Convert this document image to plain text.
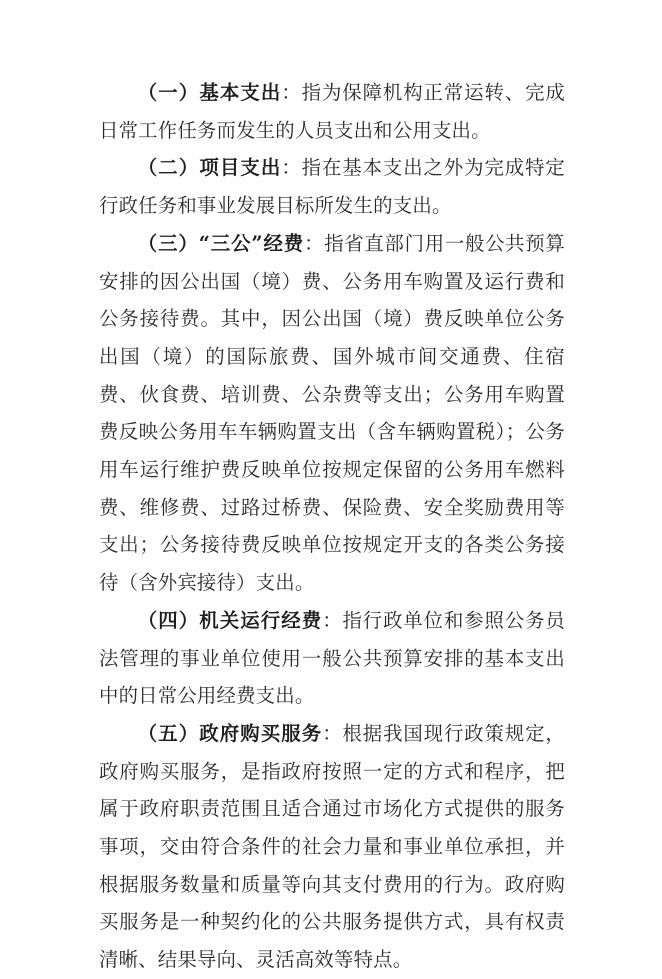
（一）基本支出：指为保障机构正常运转、完成日常工作任务而发生的人员支出和公用支出。

（二）项目支出：指在基本支出之外为完成特定行政任务和事业发展目标所发生的支出。

（三）“三公”经费：指省直部门用一般公共预算安排的因公出国（境）费、公务用车购置及运行费和公务接待费。其中，因公出国（境）费反映单位公务出国（境）的国际旅费、国外城市间交通费、住宿费、伙食费、培训费、公杂费等支出；公务用车购置费反映公务用车车辆购置支出（含车辆购置税）；公务用车运行维护费反映单位按规定保留的公务用车燃料费、维修费、过路过桥费、保险费、安全奖励费用等支出；公务接待费反映单位按规定开支的各类公务接待（含外宾接待）支出。

（四）机关运行经费：指行政单位和参照公务员法管理的事业单位使用一般公共预算安排的基本支出中的日常公用经费支出。

（五）政府购买服务：根据我国现行政策规定，政府购买服务，是指政府按照一定的方式和程序，把属于政府职责范围且适合通过市场化方式提供的服务事项，交由符合条件的社会力量和事业单位承担，并根据服务数量和质量等向其支付费用的行为。政府购买服务是一种契约化的公共服务提供方式，具有权责清晰、结果导向、灵活高效等特点。
